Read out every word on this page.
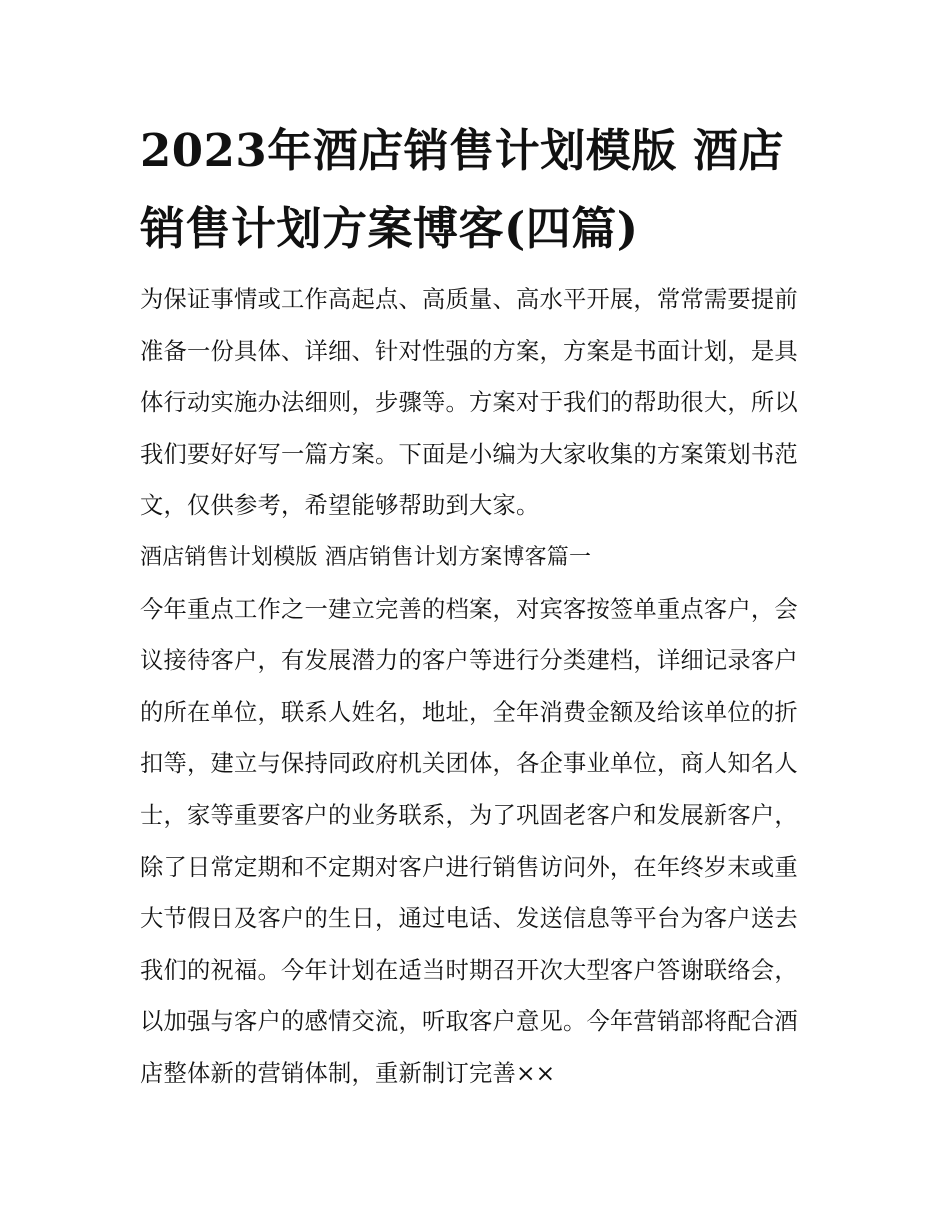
2023年酒店销售计划模版 酒店销售计划方案博客(四篇)

为保证事情或工作高起点、高质量、高水平开展，常常需要提前准备一份具体、详细、针对性强的方案，方案是书面计划，是具体行动实施办法细则，步骤等。方案对于我们的帮助很大，所以我们要好好写一篇方案。下面是小编为大家收集的方案策划书范文，仅供参考，希望能够帮助到大家。

酒店销售计划模版 酒店销售计划方案博客篇一

今年重点工作之一建立完善的档案，对宾客按签单重点客户，会议接待客户，有发展潜力的客户等进行分类建档，详细记录客户的所在单位，联系人姓名，地址，全年消费金额及给该单位的折扣等，建立与保持同政府机关团体，各企事业单位，商人知名人士，家等重要客户的业务联系，为了巩固老客户和发展新客户，除了日常定期和不定期对客户进行销售访问外，在年终岁末或重大节假日及客户的生日，通过电话、发送信息等平台为客户送去我们的祝福。今年计划在适当时期召开次大型客户答谢联络会，以加强与客户的感情交流，听取客户意见。今年营销部将配合酒店整体新的营销体制，重新制订完善××
